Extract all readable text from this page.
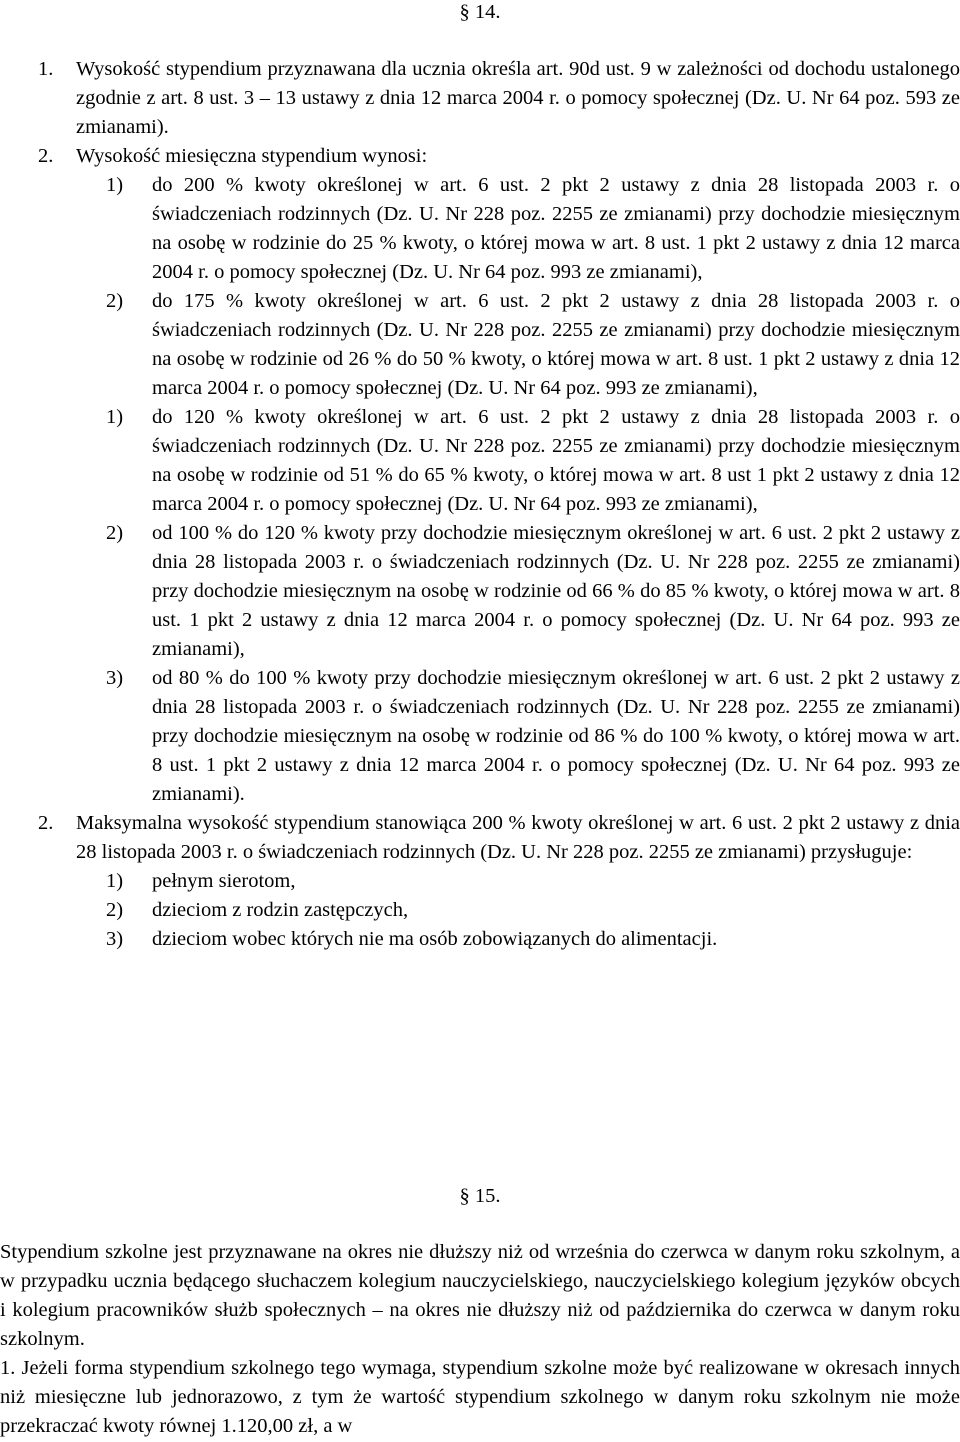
§ 14.
1.	Wysokość stypendium przyznawana dla ucznia określa art. 90d ust. 9 w zależności od dochodu ustalonego zgodnie z art. 8 ust. 3 – 13 ustawy z dnia 12 marca 2004 r. o pomocy społecznej (Dz. U. Nr 64 poz. 593 ze zmianami).
2.	Wysokość miesięczna stypendium wynosi:
1)	do 200 % kwoty określonej w art. 6 ust. 2 pkt 2 ustawy z dnia 28 listopada 2003 r. o świadczeniach rodzinnych (Dz. U. Nr 228 poz. 2255 ze zmianami) przy dochodzie miesięcznym na osobę w rodzinie do 25 % kwoty, o której mowa w art. 8 ust. 1 pkt 2 ustawy z dnia 12 marca 2004 r. o pomocy społecznej (Dz. U. Nr 64 poz. 993 ze zmianami),
2)	do 175 % kwoty określonej w art. 6 ust. 2 pkt 2 ustawy z dnia 28 listopada 2003 r. o świadczeniach rodzinnych (Dz. U. Nr 228 poz. 2255 ze zmianami) przy dochodzie miesięcznym na osobę w rodzinie od 26 % do 50 % kwoty, o której mowa w art. 8 ust. 1 pkt 2 ustawy z dnia 12 marca 2004 r. o pomocy społecznej (Dz. U. Nr 64 poz. 993 ze zmianami),
1)	do 120 % kwoty określonej w art. 6 ust. 2 pkt 2 ustawy z dnia 28 listopada 2003 r. o świadczeniach rodzinnych (Dz. U. Nr 228 poz. 2255 ze zmianami) przy dochodzie miesięcznym na osobę w rodzinie od 51 % do 65 % kwoty, o której mowa w art. 8 ust 1 pkt 2 ustawy z dnia 12 marca 2004 r. o pomocy społecznej (Dz. U. Nr 64 poz. 993 ze zmianami),
2)	od 100 % do 120 % kwoty przy dochodzie miesięcznym określonej w art. 6 ust. 2 pkt 2 ustawy z dnia 28 listopada 2003 r. o świadczeniach rodzinnych (Dz. U. Nr 228 poz. 2255 ze zmianami) przy dochodzie miesięcznym na osobę w rodzinie od 66 % do 85 % kwoty, o której mowa w art. 8 ust. 1 pkt 2 ustawy z dnia 12 marca 2004 r. o pomocy społecznej (Dz. U. Nr 64 poz. 993 ze zmianami),
3)	od 80 % do 100 % kwoty przy dochodzie miesięcznym określonej w art. 6 ust. 2 pkt 2 ustawy z dnia 28 listopada 2003 r. o świadczeniach rodzinnych (Dz. U. Nr 228 poz. 2255 ze zmianami) przy dochodzie miesięcznym na osobę w rodzinie od 86 % do 100 % kwoty, o której mowa w art. 8 ust. 1 pkt 2 ustawy z dnia 12 marca 2004 r. o pomocy społecznej (Dz. U. Nr 64 poz. 993 ze zmianami).
2.	Maksymalna wysokość stypendium stanowiąca 200 % kwoty określonej w art. 6 ust. 2 pkt 2 ustawy z dnia 28 listopada 2003 r. o świadczeniach rodzinnych (Dz. U. Nr 228 poz. 2255 ze zmianami) przysługuje:
1)	pełnym sierotom,
2)	dzieciom z rodzin zastępczych,
3)	dzieciom wobec których nie ma osób zobowiązanych do alimentacji.
§ 15.
Stypendium szkolne jest przyznawane na okres nie dłuższy niż od września do czerwca w danym roku szkolnym, a w przypadku ucznia będącego słuchaczem kolegium nauczycielskiego, nauczycielskiego kolegium języków obcych i kolegium pracowników służb społecznych – na okres nie dłuższy niż od października do czerwca w danym roku szkolnym.
1. Jeżeli forma stypendium szkolnego tego wymaga, stypendium szkolne może być realizowane w okresach innych niż miesięczne lub jednorazowo, z tym że wartość stypendium szkolnego w danym roku szkolnym nie może przekraczać kwoty równej 1.120,00 zł, a w
